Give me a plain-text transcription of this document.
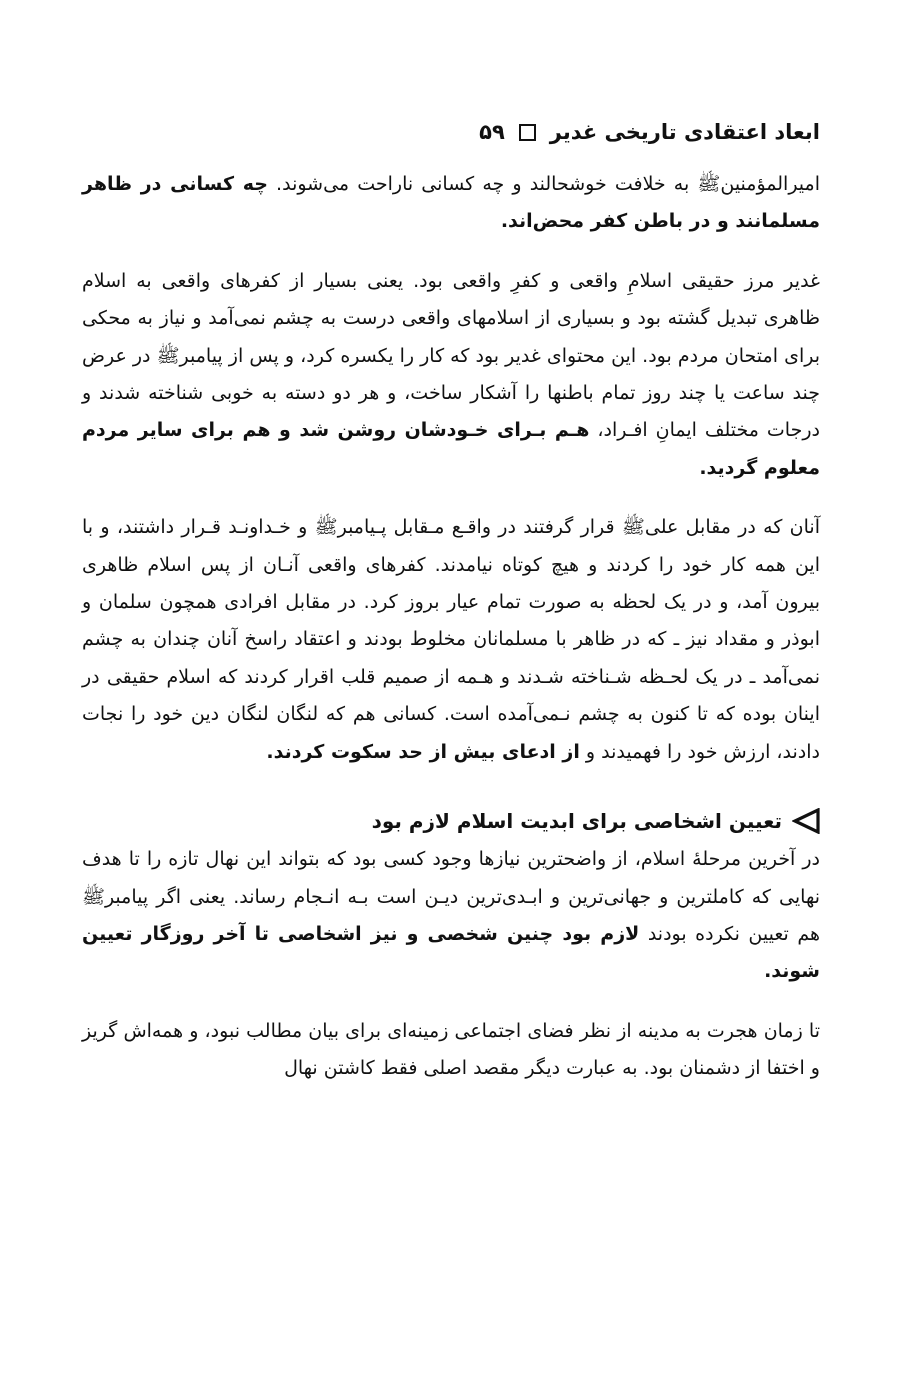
ابعاد اعتقادی تاریخی غدیر
۵۹

امیرالمؤمنینﷺ به خلافت خوشحالند و چه کسانی ناراحت می‌شوند. چه کسانی در ظاهر مسلمانند و در باطن کفر محض‌اند.

غدیر مرز حقیقی اسلامِ واقعی و کفرِ واقعی بود. یعنی بسیار از کفرهای واقعی به اسلام ظاهری تبدیل گشته بود و بسیاری از اسلامهای واقعی درست به چشم نمی‌آمد و نیاز به محکی برای امتحان مردم بود. این محتوای غدیر بود که کار را یکسره کرد، و پس از پیامبرﷺ در عرض چند ساعت یا چند روز تمام باطنها را آشکار ساخت، و هر دو دسته به خوبی شناخته شدند و درجات مختلف ایمانِ افـراد، هـم بـرای خـودشان روشن شد و هم برای سایر مردم معلوم گردید.

آنان که در مقابل علیﷺ قرار گرفتند در واقـع مـقابل پـیامبرﷺ و خـداونـد قـرار داشتند، و با این همه کار خود را کردند و هیچ کوتاه نیامدند. کفرهای واقعی آنـان از پس اسلام ظاهری بیرون آمد، و در یک لحظه به صورت تمام عیار بروز کرد. در مقابل افرادی همچون سلمان و ابوذر و مقداد نیز ـ که در ظاهر با مسلمانان مخلوط بودند و اعتقاد راسخ آنان چندان به چشم نمی‌آمد ـ در یک لحـظه شـناخته شـدند و هـمه از صمیم قلب اقرار کردند که اسلام حقیقی در اینان بوده که تا کنون به چشم نـمی‌آمده است. کسانی هم که لنگان لنگان دین خود را نجات دادند، ارزش خود را فهمیدند و از ادعای بیش از حد سکوت کردند.

تعیین اشخاصی برای ابدیت اسلام لازم بود

در آخرین مرحلهٔ اسلام، از واضحترین نیازها وجود کسی بود که بتواند این نهال تازه را تا هدف نهایی که کاملترین و جهانی‌ترین و ابـدی‌ترین دیـن است بـه انـجام رساند. یعنی اگر پیامبرﷺ هم تعیین نکرده بودند لازم بود چنین شخصی و نیز اشخاصی تا آخر روزگار تعیین شوند.

تا زمان هجرت به مدینه از نظر فضای اجتماعی زمینه‌ای برای بیان مطالب نبود، و همه‌اش گریز و اختفا از دشمنان بود. به عبارت دیگر مقصد اصلی فقط کاشتن نهال
